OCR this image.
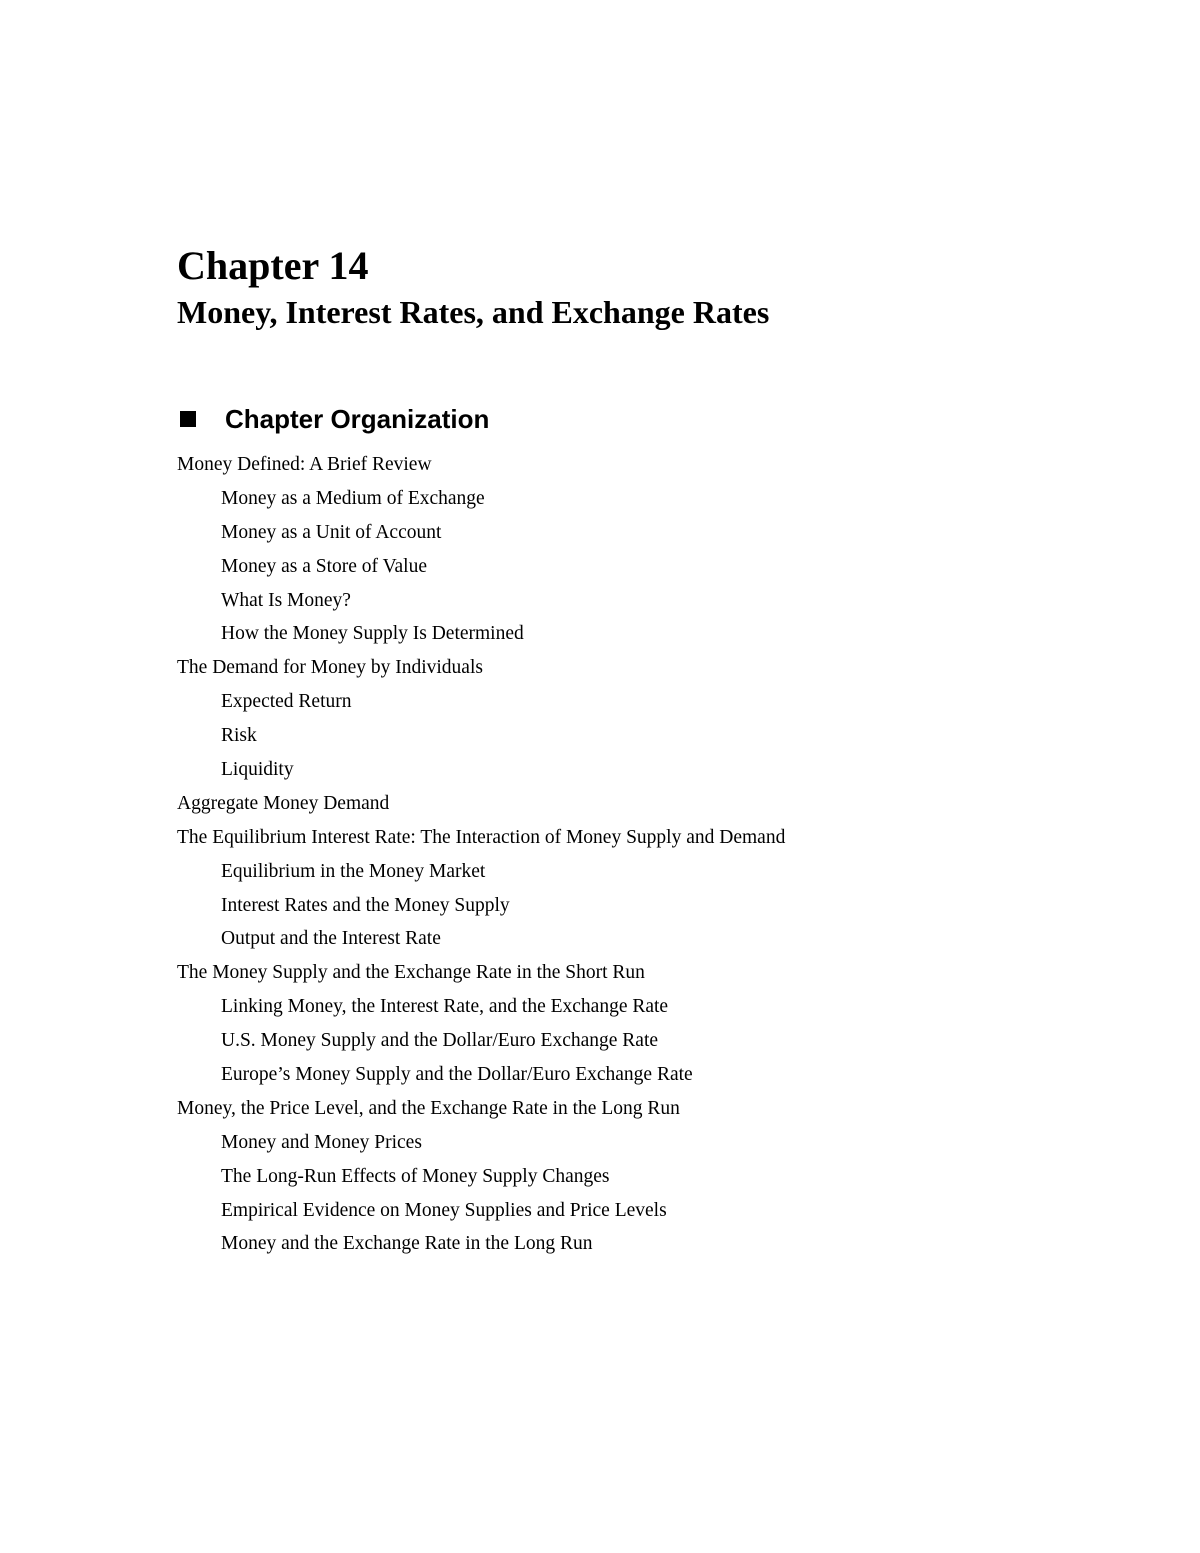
Chapter 14
Money, Interest Rates, and Exchange Rates
Chapter Organization
Money Defined: A Brief Review
Money as a Medium of Exchange
Money as a Unit of Account
Money as a Store of Value
What Is Money?
How the Money Supply Is Determined
The Demand for Money by Individuals
Expected Return
Risk
Liquidity
Aggregate Money Demand
The Equilibrium Interest Rate: The Interaction of Money Supply and Demand
Equilibrium in the Money Market
Interest Rates and the Money Supply
Output and the Interest Rate
The Money Supply and the Exchange Rate in the Short Run
Linking Money, the Interest Rate, and the Exchange Rate
U.S. Money Supply and the Dollar/Euro Exchange Rate
Europe’s Money Supply and the Dollar/Euro Exchange Rate
Money, the Price Level, and the Exchange Rate in the Long Run
Money and Money Prices
The Long-Run Effects of Money Supply Changes
Empirical Evidence on Money Supplies and Price Levels
Money and the Exchange Rate in the Long Run
